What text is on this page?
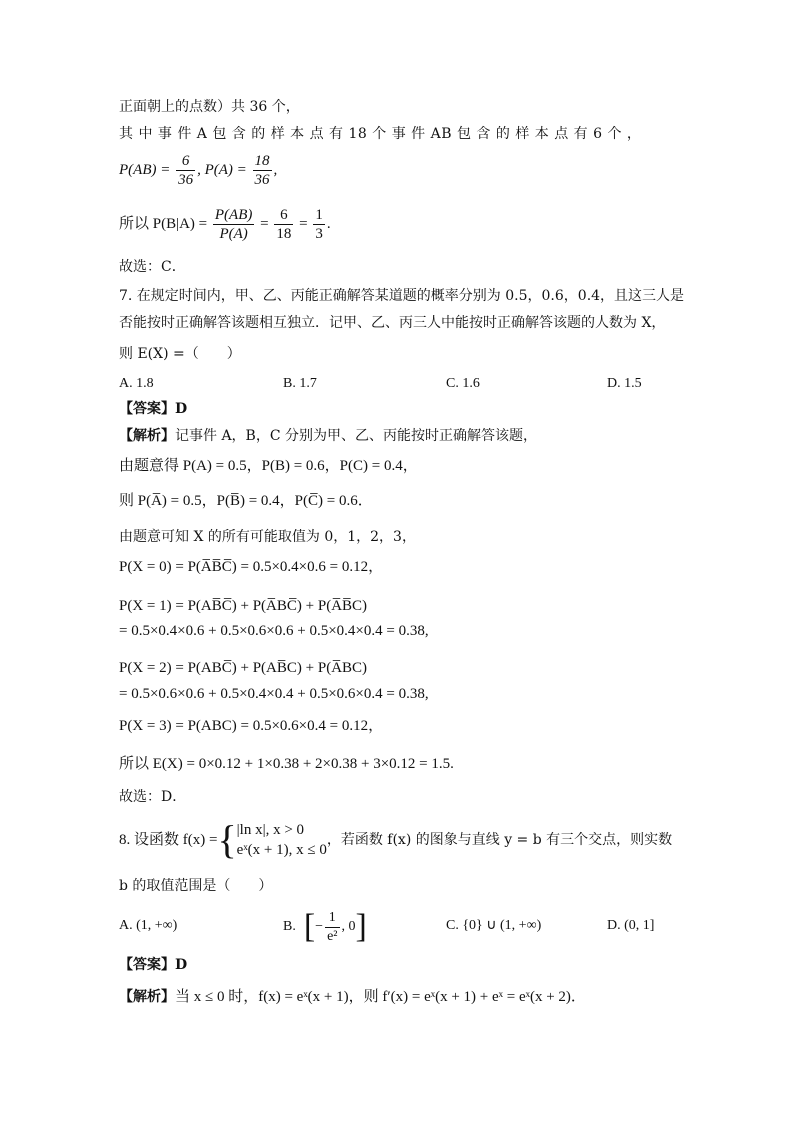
正面朝上的点数）共 36 个，
其 中 事 件 A 包 含 的 样 本 点 有 18 个 事 件 AB 包 含 的 样 本 点 有 6 个 ，
$P(AB) = \frac{6}{36}$ , $P(A) = \frac{18}{36}$ ,
所以 $P(B|A) = \frac{P(AB)}{P(A)} = \frac{6}{18} = \frac{1}{3}$ .
故选：C．
7. 在规定时间内，甲、乙、丙能正确解答某道题的概率分别为 0.5，0.6，0.4，且这三人是
否能按时正确解答该题相互独立．记甲、乙、丙三人中能按时正确解答该题的人数为 X，
则 E(X) =（　　）
A. 1.8	B. 1.7	C. 1.6	D. 1.5
【答案】D
【解析】记事件 A，B，C 分别为甲、乙、丙能按时正确解答该题，
由题意得 P(A) = 0.5，P(B) = 0.6，P(C) = 0.4，
则 P(A̅) = 0.5，P(B̅) = 0.4，P(C̅) = 0.6．
由题意可知 X 的所有可能取值为 0，1，2，3，
P(X = 0) = P(A̅B̅C̅) = 0.5×0.4×0.6 = 0.12，
P(X = 1) = P(AB̅C̅) + P(A̅BC̅) + P(A̅B̅C)
= 0.5×0.4×0.6 + 0.5×0.6×0.6 + 0.5×0.4×0.4 = 0.38,
P(X = 2) = P(ABC̅) + P(AB̅C) + P(A̅BC)
= 0.5×0.6×0.6 + 0.5×0.4×0.4 + 0.5×0.6×0.4 = 0.38,
P(X = 3) = P(ABC) = 0.5×0.6×0.4 = 0.12，
所以 E(X) = 0×0.12 + 1×0.38 + 2×0.38 + 3×0.12 = 1.5.
故选：D．
8. 设函数 f(x) = { |ln x|, x > 0
eˣ(x + 1), x ≤ 0
，若函数 f(x) 的图象与直线 y = b 有三个交点，则实数
b 的取值范围是（　　）
A. (1, +∞)	B. [ − $\frac{1}{\text{e²}}$ , 0 ]	C. {0} ∪ (1, +∞)	D. (0, 1]
【答案】D
【解析】当 x ≤ 0 时，f(x) = eˣ(x + 1)，则 f′(x) = eˣ(x + 1) + eˣ = eˣ(x + 2)．
